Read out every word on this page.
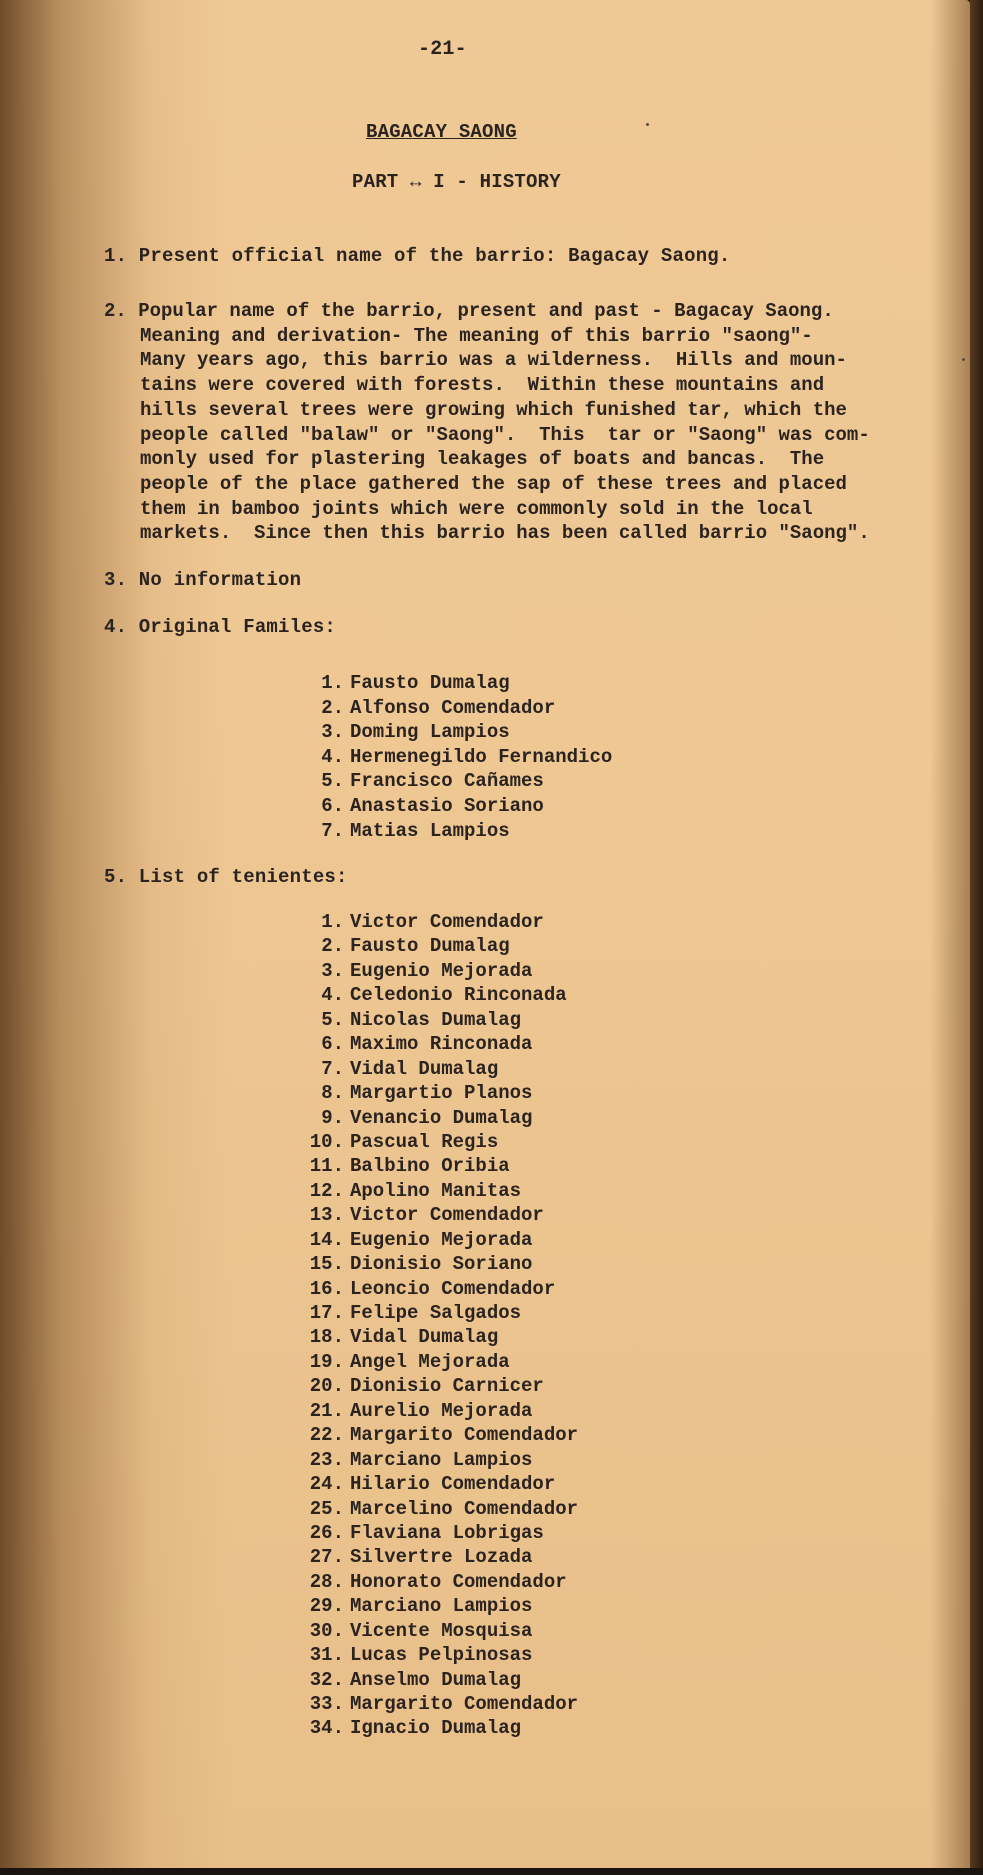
-21-
BAGACAY SAONG
PART ↔ I - HISTORY
1. Present official name of the barrio: Bagacay Saong.
2. Popular name of the barrio, present and past - Bagacay Saong.
Meaning and derivation- The meaning of this barrio "saong"-
Many years ago, this barrio was a wilderness.  Hills and moun-
tains were covered with forests.  Within these mountains and
hills several trees were growing which funished tar, which the
people called "balaw" or "Saong".  This  tar or "Saong" was com-
monly used for plastering leakages of boats and bancas.  The
people of the place gathered the sap of these trees and placed
them in bamboo joints which were commonly sold in the local
markets.  Since then this barrio has been called barrio "Saong".
3. No information
4. Original Familes:
1. Fausto Dumalag
2. Alfonso Comendador
3. Doming Lampios
4. Hermenegildo Fernandico
5. Francisco Cañames
6. Anastasio Soriano
7. Matias Lampios
5. List of tenientes:
1. Victor Comendador
2. Fausto Dumalag
3. Eugenio Mejorada
4. Celedonio Rinconada
5. Nicolas Dumalag
6. Maximo Rinconada
7. Vidal Dumalag
8. Margartio Planos
9. Venancio Dumalag
10. Pascual Regis
11. Balbino Oribia
12. Apolino Manitas
13. Victor Comendador
14. Eugenio Mejorada
15. Dionisio Soriano
16. Leoncio Comendador
17. Felipe Salgados
18. Vidal Dumalag
19. Angel Mejorada
20. Dionisio Carnicer
21. Aurelio Mejorada
22. Margarito Comendador
23. Marciano Lampios
24. Hilario Comendador
25. Marcelino Comendador
26. Flaviana Lobrigas
27. Silvertre Lozada
28. Honorato Comendador
29. Marciano Lampios
30. Vicente Mosquisa
31. Lucas Pelpinosas
32. Anselmo Dumalag
33. Margarito Comendador
34. Ignacio Dumalag
